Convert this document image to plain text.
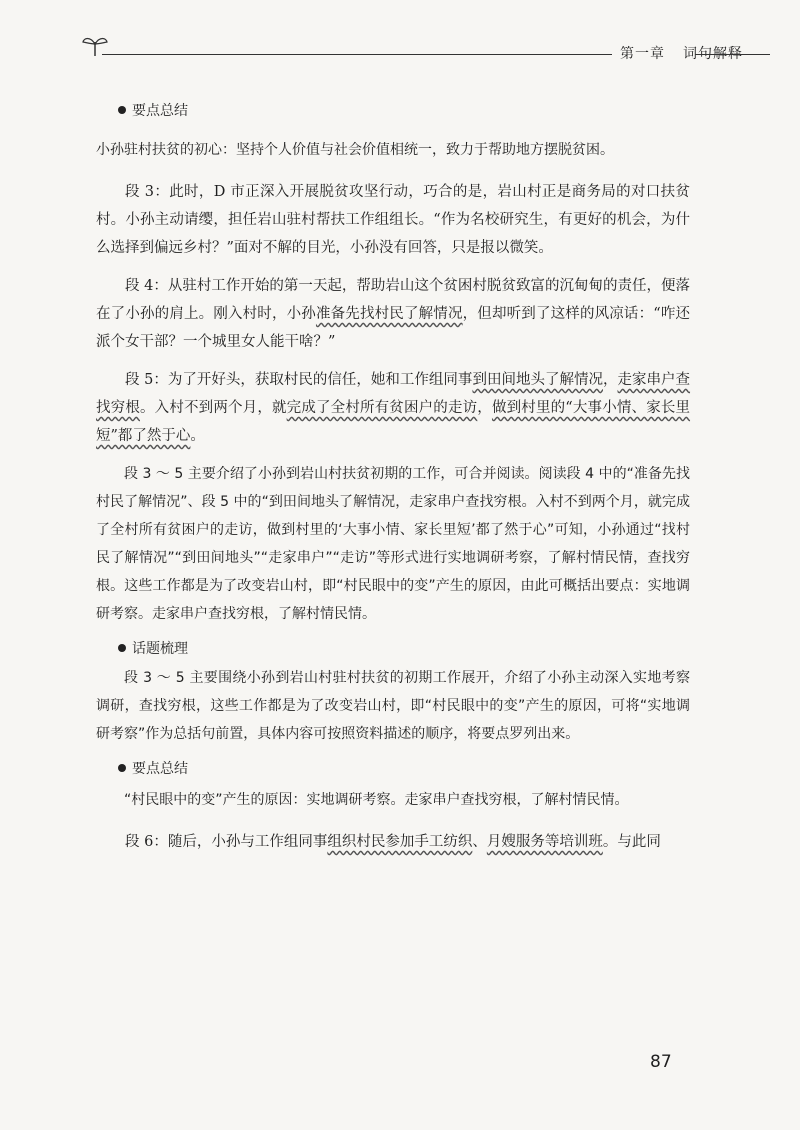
第一章 词句解释
要点总结

小孙驻村扶贫的初心：坚持个人价值与社会价值相统一，致力于帮助地方摆脱贫困。

段 3：此时，D 市正深入开展脱贫攻坚行动，巧合的是，岩山村正是商务局的对口扶贫村。小孙主动请缨，担任岩山驻村帮扶工作组组长。“作为名校研究生，有更好的机会，为什么选择到偏远乡村？”面对不解的目光，小孙没有回答，只是报以微笑。

段 4：从驻村工作开始的第一天起，帮助岩山这个贫困村脱贫致富的沉甸甸的责任，便落在了小孙的肩上。刚入村时，小孙准备先找村民了解情况，但却听到了这样的风凉话：“咋还派个女干部？一个城里女人能干啥？”

段 5：为了开好头，获取村民的信任，她和工作组同事到田间地头了解情况，走家串户查找穷根。入村不到两个月，就完成了全村所有贫困户的走访，做到村里的“大事小情、家长里短”都了然于心。

段 3 ～ 5 主要介绍了小孙到岩山村扶贫初期的工作，可合并阅读。阅读段 4 中的“准备先找村民了解情况”、段 5 中的“到田间地头了解情况，走家串户查找穷根。入村不到两个月，就完成了全村所有贫困户的走访，做到村里的‘大事小情、家长里短’都了然于心”可知，小孙通过“找村民了解情况”“到田间地头”“走家串户”“走访”等形式进行实地调研考察，了解村情民情，查找穷根。这些工作都是为了改变岩山村，即“村民眼中的变”产生的原因，由此可概括出要点：实地调研考察。走家串户查找穷根，了解村情民情。

话题梳理

段 3 ～ 5 主要围绕小孙到岩山村驻村扶贫的初期工作展开，介绍了小孙主动深入实地考察调研，查找穷根，这些工作都是为了改变岩山村，即“村民眼中的变”产生的原因，可将“实地调研考察”作为总括句前置，具体内容可按照资料描述的顺序，将要点罗列出来。

要点总结

“村民眼中的变”产生的原因：实地调研考察。走家串户查找穷根，了解村情民情。

段 6：随后，小孙与工作组同事组织村民参加手工纺织、月嫂服务等培训班。与此同

87
